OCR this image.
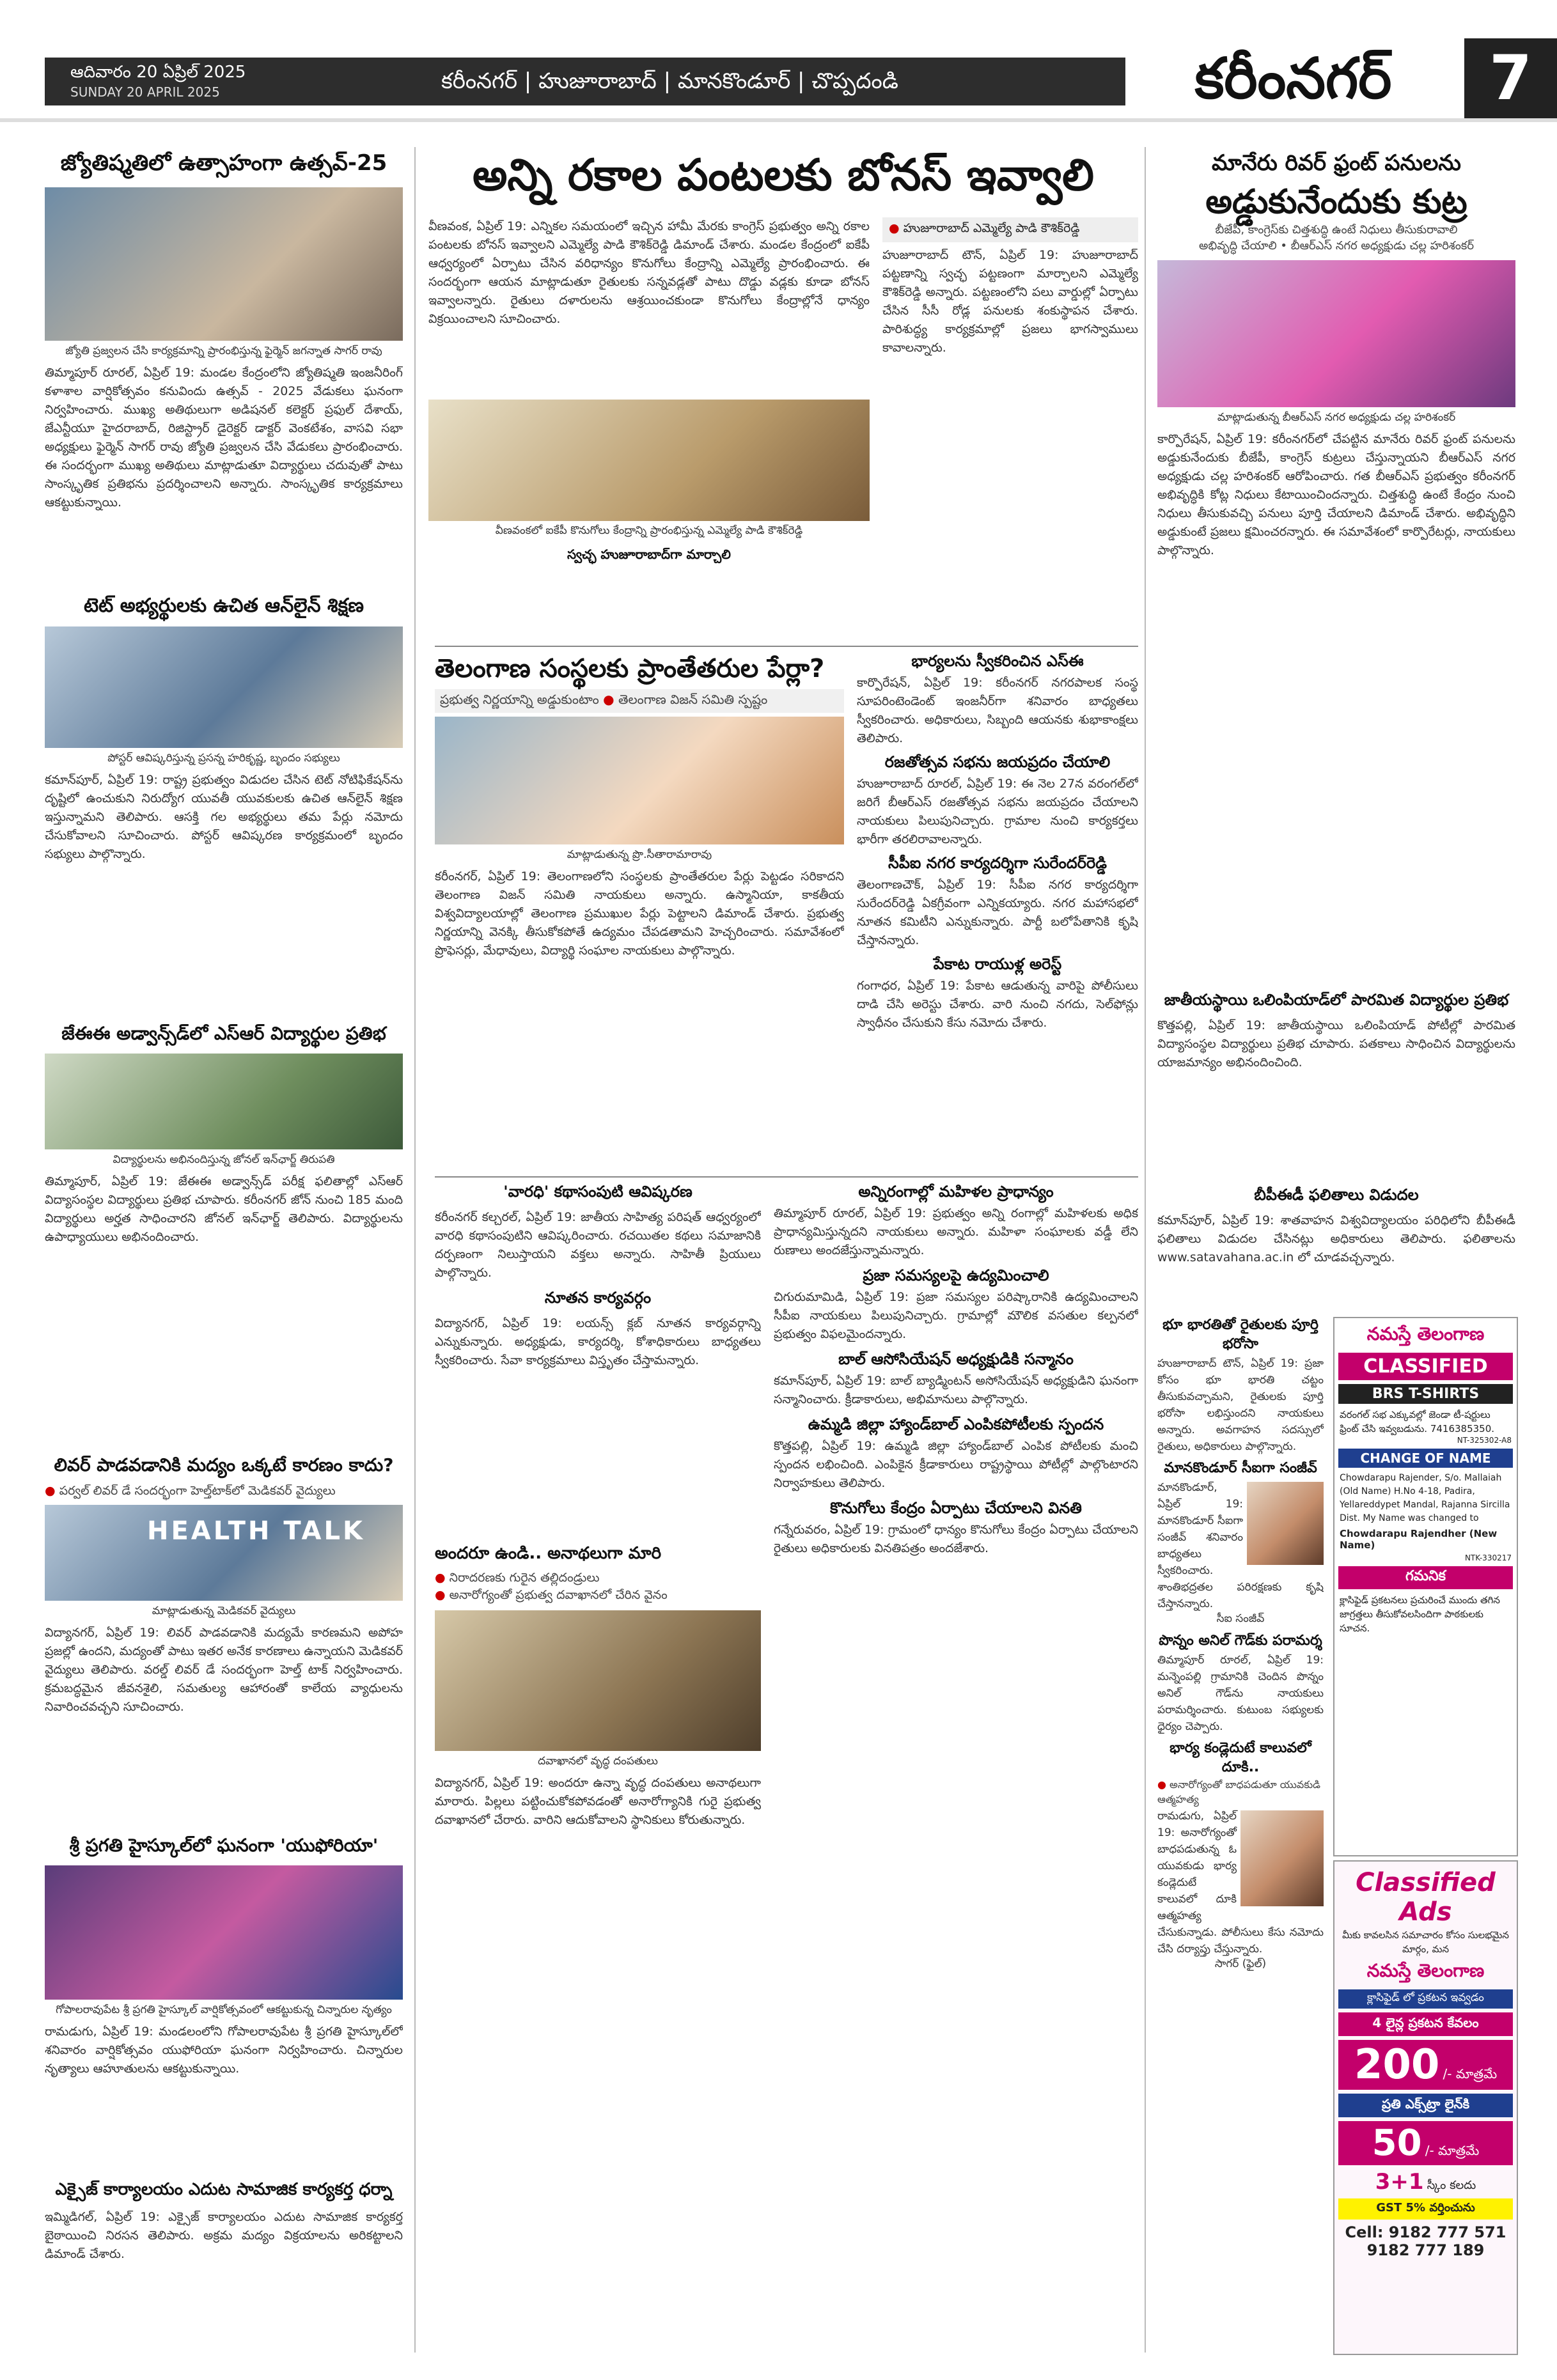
ఆదివారం 20 ఏప్రిల్ 2025
SUNDAY 20 APRIL 2025	కరీంనగర్ | హుజూరాబాద్ | మానకొండూర్ | చొప్పదండి	కరీంనగర్	7
జ్యోతిష్మతిలో ఉత్సాహంగా ఉత్సవ్-25
జ్యోతి ప్రజ్వలన చేసి కార్యక్రమాన్ని ప్రారంభిస్తున్న ఫైర్మెన్ జగన్నాత సాగర్ రావు
తిమ్మాపూర్ రూరల్, ఏప్రిల్ 19: మండల కేంద్రంలోని జ్యోతిష్మతి ఇంజనీరింగ్ కళాశాల వార్షికోత్సవం కనువిందు ఉత్సవ్ - 2025 వేడుకలు ఘనంగా నిర్వహించారు. ముఖ్య అతిథులుగా అడిషనల్ కలెక్టర్ ప్రఫుల్ దేశాయ్, జేఎన్టీయూ హైదరాబాద్, రిజిస్ట్రార్ డైరెక్టర్ డాక్టర్ వెంకటేశం, వాసవి సభా అధ్యక్షులు ఫైర్మెన్ సాగర్ రావు జ్యోతి ప్రజ్వలన చేసి వేడుకలు ప్రారంభించారు. ఈ సందర్భంగా ముఖ్య అతిథులు మాట్లాడుతూ విద్యార్థులు చదువుతో పాటు సాంస్కృతిక ప్రతిభను ప్రదర్శించాలని అన్నారు. సాంస్కృతిక కార్యక్రమాలు ఆకట్టుకున్నాయి.
టెట్ అభ్యర్థులకు ఉచిత ఆన్‌లైన్ శిక్షణ
పోస్టర్ ఆవిష్కరిస్తున్న ప్రసన్న హరికృష్ణ, బృందం సభ్యులు
కమాన్‌పూర్, ఏప్రిల్ 19: రాష్ట్ర ప్రభుత్వం విడుదల చేసిన టెట్ నోటిఫికేషన్‌ను దృష్టిలో ఉంచుకుని నిరుద్యోగ యువతీ యువకులకు ఉచిత ఆన్‌లైన్ శిక్షణ ఇస్తున్నామని తెలిపారు. ఆసక్తి గల అభ్యర్థులు తమ పేర్లు నమోదు చేసుకోవాలని సూచించారు. పోస్టర్ ఆవిష్కరణ కార్యక్రమంలో బృందం సభ్యులు పాల్గొన్నారు.
జేఈఈ అడ్వాన్స్‌డ్‌లో ఎస్ఆర్ విద్యార్థుల ప్రతిభ
విద్యార్థులను అభినందిస్తున్న జోనల్ ఇన్‌ఛార్జ్ తిరుపతి
తిమ్మాపూర్, ఏప్రిల్ 19: జేఈఈ అడ్వాన్స్‌డ్ పరీక్ష ఫలితాల్లో ఎస్ఆర్ విద్యాసంస్థల విద్యార్థులు ప్రతిభ చూపారు. కరీంనగర్ జోన్ నుంచి 185 మంది విద్యార్థులు అర్హత సాధించారని జోనల్ ఇన్‌ఛార్జ్ తెలిపారు. విద్యార్థులను ఉపాధ్యాయులు అభినందించారు.
లివర్ పాడవడానికి మద్యం ఒక్కటే కారణం కాదు?
● పర్వల్ లివర్ డే సందర్భంగా హెల్త్‌టాక్‌లో మెడికవర్ వైద్యులు
HEALTH TALK
మాట్లాడుతున్న మెడికవర్ వైద్యులు
విద్యానగర్, ఏప్రిల్ 19: లివర్ పాడవడానికి మద్యమే కారణమని అపోహ ప్రజల్లో ఉందని, మద్యంతో పాటు ఇతర అనేక కారణాలు ఉన్నాయని మెడికవర్ వైద్యులు తెలిపారు. వరల్డ్ లివర్ డే సందర్భంగా హెల్త్ టాక్ నిర్వహించారు. క్రమబద్ధమైన జీవనశైలి, సమతుల్య ఆహారంతో కాలేయ వ్యాధులను నివారించవచ్చని సూచించారు.
శ్రీ ప్రగతి హైస్కూల్‌లో ఘనంగా 'యుఫోరియా'
గోపాలరావుపేట శ్రీ ప్రగతి హైస్కూల్ వార్షికోత్సవంలో ఆకట్టుకున్న చిన్నారుల నృత్యం
రామడుగు, ఏప్రిల్ 19: మండలంలోని గోపాలరావుపేట శ్రీ ప్రగతి హైస్కూల్‌లో శనివారం వార్షికోత్సవం యుఫోరియా ఘనంగా నిర్వహించారు. చిన్నారుల నృత్యాలు ఆహూతులను ఆకట్టుకున్నాయి.
ఎక్సైజ్ కార్యాలయం ఎదుట సామాజిక కార్యకర్త ధర్నా
ఇమ్మిడిగల్, ఏప్రిల్ 19: ఎక్సైజ్ కార్యాలయం ఎదుట సామాజిక కార్యకర్త బైఠాయించి నిరసన తెలిపారు. అక్రమ మద్యం విక్రయాలను అరికట్టాలని డిమాండ్ చేశారు.
అన్ని రకాల పంటలకు బోనస్ ఇవ్వాలి
వీణవంక, ఏప్రిల్ 19: ఎన్నికల సమయంలో ఇచ్చిన హామీ మేరకు కాంగ్రెస్ ప్రభుత్వం అన్ని రకాల పంటలకు బోనస్ ఇవ్వాలని ఎమ్మెల్యే పాడి కౌశిక్‌రెడ్డి డిమాండ్ చేశారు. మండల కేంద్రంలో ఐకేపీ ఆధ్వర్యంలో ఏర్పాటు చేసిన వరిధాన్యం కొనుగోలు కేంద్రాన్ని ఎమ్మెల్యే ప్రారంభించారు. ఈ సందర్భంగా ఆయన మాట్లాడుతూ రైతులకు సన్నవడ్లతో పాటు దొడ్డు వడ్లకు కూడా బోనస్ ఇవ్వాలన్నారు. రైతులు దళారులను ఆశ్రయించకుండా కొనుగోలు కేంద్రాల్లోనే ధాన్యం విక్రయించాలని సూచించారు.
● హుజూరాబాద్ ఎమ్మెల్యే పాడి కౌశిక్‌రెడ్డి
హుజూరాబాద్ టౌన్, ఏప్రిల్ 19: హుజూరాబాద్ పట్టణాన్ని స్వచ్ఛ పట్టణంగా మార్చాలని ఎమ్మెల్యే కౌశిక్‌రెడ్డి అన్నారు. పట్టణంలోని పలు వార్డుల్లో ఏర్పాటు చేసిన సీసీ రోడ్ల పనులకు శంకుస్థాపన చేశారు. పారిశుద్ధ్య కార్యక్రమాల్లో ప్రజలు భాగస్వాములు కావాలన్నారు.
వీణవంకలో ఐకేపీ కొనుగోలు కేంద్రాన్ని ప్రారంభిస్తున్న ఎమ్మెల్యే పాడి కౌశిక్‌రెడ్డి
స్వచ్ఛ హుజూరాబాద్‌గా మార్చాలి
తెలంగాణ సంస్థలకు ప్రాంతేతరుల పేర్లా?
ప్రభుత్వ నిర్ణయాన్ని అడ్డుకుంటాం ● తెలంగాణ విజన్ సమితి స్పష్టం
మాట్లాడుతున్న ప్రొ.సీతారామారావు
కరీంనగర్, ఏప్రిల్ 19: తెలంగాణలోని సంస్థలకు ప్రాంతేతరుల పేర్లు పెట్టడం సరికాదని తెలంగాణ విజన్ సమితి నాయకులు అన్నారు. ఉస్మానియా, కాకతీయ విశ్వవిద్యాలయాల్లో తెలంగాణ ప్రముఖుల పేర్లు పెట్టాలని డిమాండ్ చేశారు. ప్రభుత్వ నిర్ణయాన్ని వెనక్కి తీసుకోకపోతే ఉద్యమం చేపడతామని హెచ్చరించారు. సమావేశంలో ప్రొఫెసర్లు, మేధావులు, విద్యార్థి సంఘాల నాయకులు పాల్గొన్నారు.
భార్యలను స్వీకరించిన ఎస్ఈ
కార్పొరేషన్, ఏప్రిల్ 19: కరీంనగర్ నగరపాలక సంస్థ సూపరింటెండెంట్ ఇంజనీర్‌గా శనివారం బాధ్యతలు స్వీకరించారు. అధికారులు, సిబ్బంది ఆయనకు శుభాకాంక్షలు తెలిపారు.
రజతోత్సవ సభను జయప్రదం చేయాలి
హుజూరాబాద్ రూరల్, ఏప్రిల్ 19: ఈ నెల 27న వరంగల్‌లో జరిగే బీఆర్ఎస్ రజతోత్సవ సభను జయప్రదం చేయాలని నాయకులు పిలుపునిచ్చారు. గ్రామాల నుంచి కార్యకర్తలు భారీగా తరలిరావాలన్నారు.
సీపీఐ నగర కార్యదర్శిగా సురేందర్‌రెడ్డి
తెలంగాణచౌక్, ఏప్రిల్ 19: సీపీఐ నగర కార్యదర్శిగా సురేందర్‌రెడ్డి ఏకగ్రీవంగా ఎన్నికయ్యారు. నగర మహాసభలో నూతన కమిటీని ఎన్నుకున్నారు. పార్టీ బలోపేతానికి కృషి చేస్తానన్నారు.
పేకాట రాయుళ్ల అరెస్ట్
గంగాధర, ఏప్రిల్ 19: పేకాట ఆడుతున్న వారిపై పోలీసులు దాడి చేసి అరెస్టు చేశారు. వారి నుంచి నగదు, సెల్‌ఫోన్లు స్వాధీనం చేసుకుని కేసు నమోదు చేశారు.
'వారధి' కథాసంపుటి ఆవిష్కరణ
కరీంనగర్ కల్చరల్, ఏప్రిల్ 19: జాతీయ సాహిత్య పరిషత్ ఆధ్వర్యంలో వారధి కథాసంపుటిని ఆవిష్కరించారు. రచయితల కథలు సమాజానికి దర్పణంగా నిలుస్తాయని వక్తలు అన్నారు. సాహితీ ప్రియులు పాల్గొన్నారు.
నూతన కార్యవర్గం
విద్యానగర్, ఏప్రిల్ 19: లయన్స్ క్లబ్ నూతన కార్యవర్గాన్ని ఎన్నుకున్నారు. అధ్యక్షుడు, కార్యదర్శి, కోశాధికారులు బాధ్యతలు స్వీకరించారు. సేవా కార్యక్రమాలు విస్తృతం చేస్తామన్నారు.
అందరూ ఉండి.. అనాథలుగా మారి
● నిరాదరణకు గురైన తల్లిదండ్రులు
● అనారోగ్యంతో ప్రభుత్వ దవాఖానలో చేరిన వైనం
దవాఖానలో వృద్ధ దంపతులు
విద్యానగర్, ఏప్రిల్ 19: అందరూ ఉన్నా వృద్ధ దంపతులు అనాథలుగా మారారు. పిల్లలు పట్టించుకోకపోవడంతో అనారోగ్యానికి గురై ప్రభుత్వ దవాఖానలో చేరారు. వారిని ఆదుకోవాలని స్థానికులు కోరుతున్నారు.
అన్నిరంగాల్లో మహిళల ప్రాధాన్యం
తిమ్మాపూర్ రూరల్, ఏప్రిల్ 19: ప్రభుత్వం అన్ని రంగాల్లో మహిళలకు అధిక ప్రాధాన్యమిస్తున్నదని నాయకులు అన్నారు. మహిళా సంఘాలకు వడ్డీ లేని రుణాలు అందజేస్తున్నామన్నారు.
ప్రజా సమస్యలపై ఉద్యమించాలి
చిగురుమామిడి, ఏప్రిల్ 19: ప్రజా సమస్యల పరిష్కారానికి ఉద్యమించాలని సీపీఐ నాయకులు పిలుపునిచ్చారు. గ్రామాల్లో మౌలిక వసతుల కల్పనలో ప్రభుత్వం విఫలమైందన్నారు.
బాల్ ఆసోసియేషన్ అధ్యక్షుడికి సన్మానం
కమాన్‌పూర్, ఏప్రిల్ 19: బాల్ బ్యాడ్మింటన్ అసోసియేషన్ అధ్యక్షుడిని ఘనంగా సన్మానించారు. క్రీడాకారులు, అభిమానులు పాల్గొన్నారు.
ఉమ్మడి జిల్లా హ్యాండ్‌బాల్ ఎంపికపోటీలకు స్పందన
కొత్తపల్లి, ఏప్రిల్ 19: ఉమ్మడి జిల్లా హ్యాండ్‌బాల్ ఎంపిక పోటీలకు మంచి స్పందన లభించింది. ఎంపికైన క్రీడాకారులు రాష్ట్రస్థాయి పోటీల్లో పాల్గొంటారని నిర్వాహకులు తెలిపారు.
కొనుగోలు కేంద్రం ఏర్పాటు చేయాలని వినతి
గన్నేరువరం, ఏప్రిల్ 19: గ్రామంలో ధాన్యం కొనుగోలు కేంద్రం ఏర్పాటు చేయాలని రైతులు అధికారులకు వినతిపత్రం అందజేశారు.
మానేరు రివర్ ఫ్రంట్ పనులను
అడ్డుకునేందుకు కుట్ర
బీజేపీ, కాంగ్రెస్‌కు చిత్తశుద్ధి ఉంటే నిధులు తీసుకురావాలి
అభివృద్ధి చేయాలి • బీఆర్ఎస్ నగర అధ్యక్షుడు చల్ల హరిశంకర్
మాట్లాడుతున్న బీఆర్ఎస్ నగర అధ్యక్షుడు చల్ల హరిశంకర్
కార్పొరేషన్, ఏప్రిల్ 19: కరీంనగర్‌లో చేపట్టిన మానేరు రివర్ ఫ్రంట్ పనులను అడ్డుకునేందుకు బీజేపీ, కాంగ్రెస్ కుట్రలు చేస్తున్నాయని బీఆర్ఎస్ నగర అధ్యక్షుడు చల్ల హరిశంకర్ ఆరోపించారు. గత బీఆర్ఎస్ ప్రభుత్వం కరీంనగర్ అభివృద్ధికి కోట్ల నిధులు కేటాయించిందన్నారు. చిత్తశుద్ధి ఉంటే కేంద్రం నుంచి నిధులు తీసుకువచ్చి పనులు పూర్తి చేయాలని డిమాండ్ చేశారు. అభివృద్ధిని అడ్డుకుంటే ప్రజలు క్షమించరన్నారు. ఈ సమావేశంలో కార్పొరేటర్లు, నాయకులు పాల్గొన్నారు.
జాతీయస్థాయి ఒలింపియాడ్‌లో పారమిత విద్యార్థుల ప్రతిభ
కొత్తపల్లి, ఏప్రిల్ 19: జాతీయస్థాయి ఒలింపియాడ్ పోటీల్లో పారమిత విద్యాసంస్థల విద్యార్థులు ప్రతిభ చూపారు. పతకాలు సాధించిన విద్యార్థులను యాజమాన్యం అభినందించింది.
బీపీఈడీ ఫలితాలు విడుదల
కమాన్‌పూర్, ఏప్రిల్ 19: శాతవాహన విశ్వవిద్యాలయం పరిధిలోని బీపీఈడీ ఫలితాలు విడుదల చేసినట్లు అధికారులు తెలిపారు. ఫలితాలను www.satavahana.ac.in లో చూడవచ్చన్నారు.
నమస్తే తెలంగాణ
CLASSIFIED
BRS T-SHIRTS
వరంగల్ సభ ఎక్కువల్లో జెండా టీ-షర్టులు ఫ్రింట్ చేసి ఇవ్వబడును. 7416385350.
NT-325302-A8
CHANGE OF NAME
Chowdarapu Rajender, S/o. Mallaiah (Old Name) H.No 4-18, Padira, Yellareddypet Mandal, Rajanna Sircilla Dist. My Name was changed to
Chowdarapu Rajendher (New Name)
NTK-330217
గమనిక
క్లాసిఫైడ్ ప్రకటనలు ప్రచురించే ముందు తగిన జాగ్రత్తలు తీసుకోవలసిందిగా పాఠకులకు సూచన.
భూ భారతితో రైతులకు పూర్తి భరోసా
హుజూరాబాద్ టౌన్, ఏప్రిల్ 19: ప్రజా కోసం భూ భారతి చట్టం తీసుకువచ్చామని, రైతులకు పూర్తి భరోసా లభిస్తుందని నాయకులు అన్నారు. అవగాహన సదస్సులో రైతులు, అధికారులు పాల్గొన్నారు.
మానకొండూర్ సీఐగా సంజీవ్
మానకొండూర్, ఏప్రిల్ 19: మానకొండూర్ సీఐగా సంజీవ్ శనివారం బాధ్యతలు స్వీకరించారు. శాంతిభద్రతల పరిరక్షణకు కృషి చేస్తానన్నారు.
సీఐ సంజీవ్
పొన్నం అనిల్ గౌడ్‌కు పరామర్శ
తిమ్మాపూర్ రూరల్, ఏప్రిల్ 19: మన్నెంపల్లి గ్రామానికి చెందిన పొన్నం అనిల్ గౌడ్‌ను నాయకులు పరామర్శించారు. కుటుంబ సభ్యులకు ధైర్యం చెప్పారు.
భార్య కండ్లెదుటే కాలువలో దూకి..
● అనారోగ్యంతో బాధపడుతూ యువకుడి ఆత్మహత్య
రామడుగు, ఏప్రిల్ 19: అనారోగ్యంతో బాధపడుతున్న ఓ యువకుడు భార్య కండ్లెదుటే కాలువలో దూకి ఆత్మహత్య చేసుకున్నాడు. పోలీసులు కేసు నమోదు చేసి దర్యాప్తు చేస్తున్నారు.
సాగర్ (ఫైల్)
Classified Ads
మీకు కావలసిన సమాచారం కోసం సులభమైన మార్గం, మన
నమస్తే తెలంగాణ
క్లాసిఫైడ్ లో ప్రకటన ఇవ్వడం
4 లైన్ల ప్రకటన కేవలం
200 /- మాత్రమే
ప్రతి ఎక్స్‌ట్రా లైన్‌కి
50 /- మాత్రమే
3+1 స్కీం కలదు
GST 5% వర్తించును
Cell: 9182 777 571
9182 777 189
